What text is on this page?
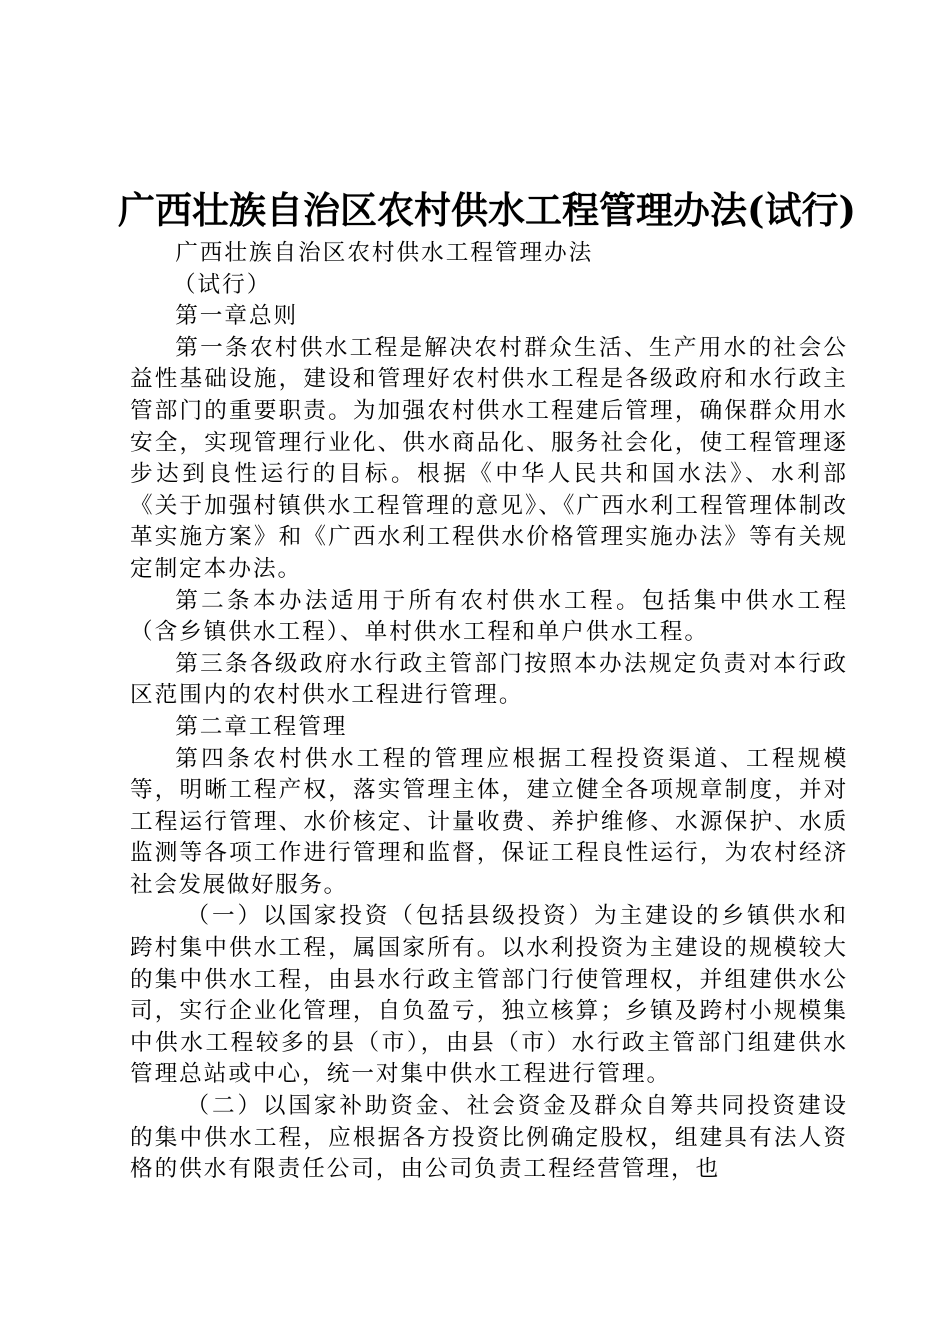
广西壮族自治区农村供水工程管理办法(试行)

广西壮族自治区农村供水工程管理办法

（试行）

第一章总则

第一条农村供水工程是解决农村群众生活、生产用水的社会公益性基础设施，建设和管理好农村供水工程是各级政府和水行政主管部门的重要职责。为加强农村供水工程建后管理，确保群众用水安全，实现管理行业化、供水商品化、服务社会化，使工程管理逐步达到良性运行的目标。根据《中华人民共和国水法》、水利部《关于加强村镇供水工程管理的意见》、《广西水利工程管理体制改革实施方案》和《广西水利工程供水价格管理实施办法》等有关规定制定本办法。

第二条本办法适用于所有农村供水工程。包括集中供水工程（含乡镇供水工程）、单村供水工程和单户供水工程。

第三条各级政府水行政主管部门按照本办法规定负责对本行政区范围内的农村供水工程进行管理。

第二章工程管理

第四条农村供水工程的管理应根据工程投资渠道、工程规模等，明晰工程产权，落实管理主体，建立健全各项规章制度，并对工程运行管理、水价核定、计量收费、养护维修、水源保护、水质监测等各项工作进行管理和监督，保证工程良性运行，为农村经济社会发展做好服务。

（一）以国家投资（包括县级投资）为主建设的乡镇供水和跨村集中供水工程，属国家所有。以水利投资为主建设的规模较大的集中供水工程，由县水行政主管部门行使管理权，并组建供水公司，实行企业化管理，自负盈亏，独立核算；乡镇及跨村小规模集中供水工程较多的县（市），由县（市）水行政主管部门组建供水管理总站或中心，统一对集中供水工程进行管理。

（二）以国家补助资金、社会资金及群众自筹共同投资建设的集中供水工程，应根据各方投资比例确定股权，组建具有法人资格的供水有限责任公司，由公司负责工程经营管理，也
